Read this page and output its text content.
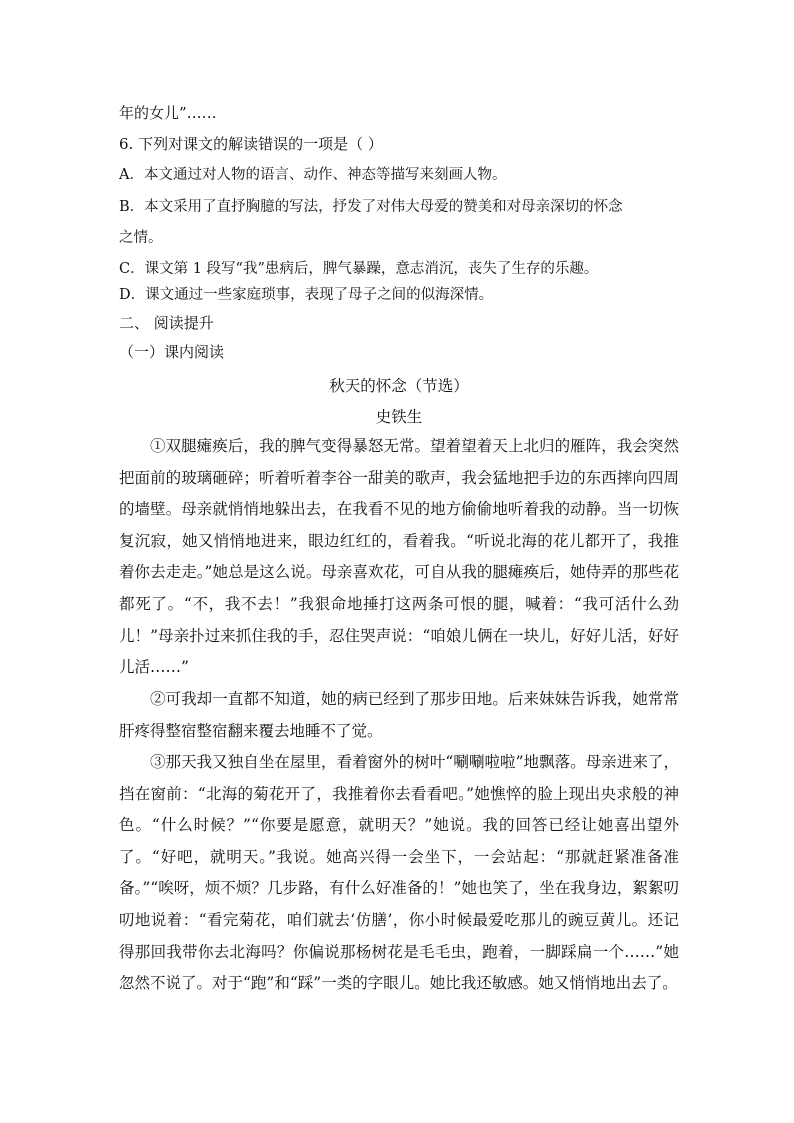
年的女儿”……
6. 下列对课文的解读错误的一项是（ ）
A．本文通过对人物的语言、动作、神态等描写来刻画人物。
B．本文采用了直抒胸臆的写法，抒发了对伟大母爱的赞美和对母亲深切的怀念
之情。
C．课文第 1 段写“我”患病后，脾气暴躁，意志消沉，丧失了生存的乐趣。
D．课文通过一些家庭琐事，表现了母子之间的似海深情。
二、 阅读提升
（一）课内阅读
秋天的怀念（节选）
史铁生
①双腿瘫痪后，我的脾气变得暴怒无常。望着望着天上北归的雁阵，我会突然把面前的玻璃砸碎；听着听着李谷一甜美的歌声，我会猛地把手边的东西摔向四周的墙壁。母亲就悄悄地躲出去，在我看不见的地方偷偷地听着我的动静。当一切恢复沉寂，她又悄悄地进来，眼边红红的，看着我。“听说北海的花儿都开了，我推着你去走走。”她总是这么说。母亲喜欢花，可自从我的腿瘫痪后，她侍弄的那些花都死了。“不，我不去！”我狠命地捶打这两条可恨的腿，喊着：“我可活什么劲儿！”母亲扑过来抓住我的手，忍住哭声说：“咱娘儿俩在一块儿，好好儿活，好好儿活……”
②可我却一直都不知道，她的病已经到了那步田地。后来妹妹告诉我，她常常肝疼得整宿整宿翻来覆去地睡不了觉。
③那天我又独自坐在屋里，看着窗外的树叶“唰唰啦啦”地飘落。母亲进来了，挡在窗前：“北海的菊花开了，我推着你去看看吧。”她憔悴的脸上现出央求般的神色。“什么时候？”“你要是愿意，就明天？”她说。我的回答已经让她喜出望外了。“好吧，就明天。”我说。她高兴得一会坐下，一会站起：“那就赶紧准备准备。”“唉呀，烦不烦？几步路，有什么好准备的！”她也笑了，坐在我身边，絮絮叨叨地说着：“看完菊花，咱们就去‘仿膳’，你小时候最爱吃那儿的豌豆黄儿。还记得那回我带你去北海吗？你偏说那杨树花是毛毛虫，跑着，一脚踩扁一个……”她忽然不说了。对于“跑”和“踩”一类的字眼儿。她比我还敏感。她又悄悄地出去了。
